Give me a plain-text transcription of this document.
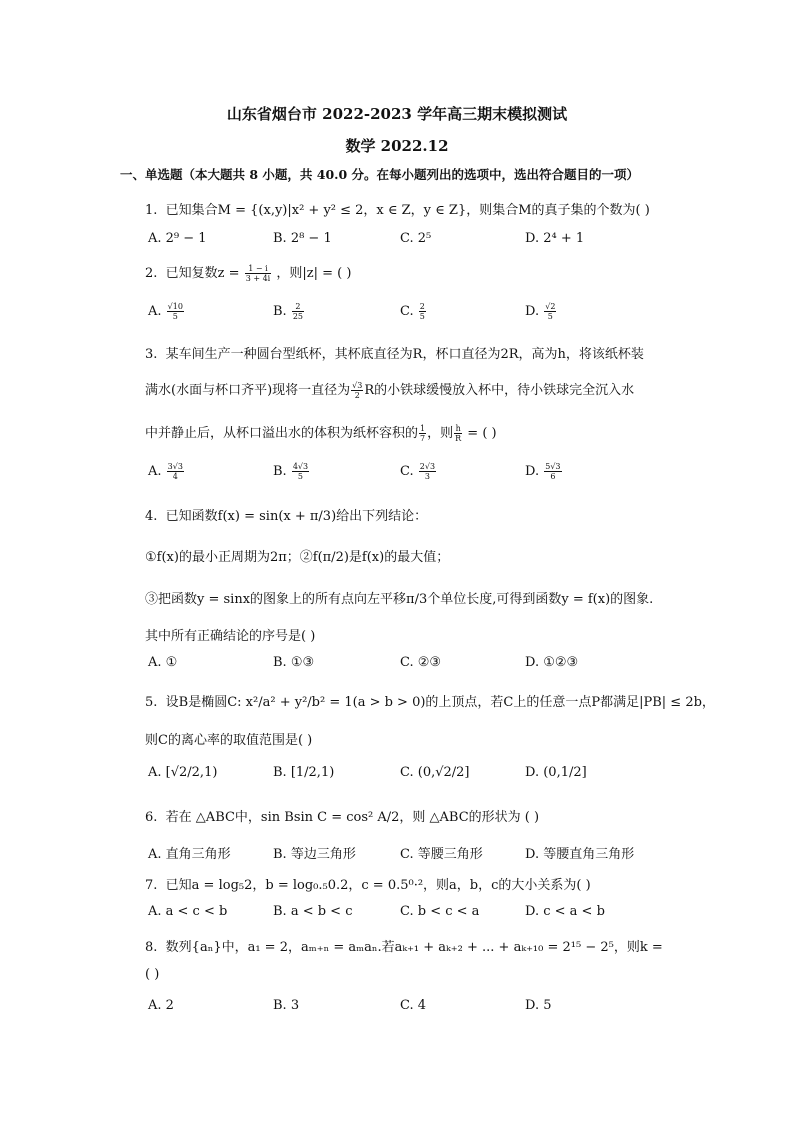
山东省烟台市 2022-2023 学年高三期末模拟测试
数学 2022.12
一、单选题（本大题共 8 小题，共 40.0 分。在每小题列出的选项中，选出符合题目的一项）
1. 已知集合M = {(x,y)|x² + y² ≤ 2，x ∈ Z，y ∈ Z}，则集合M的真子集的个数为( )
A. 2⁹ − 1	B. 2⁸ − 1	C. 2⁵	D. 2⁴ + 1
2. 已知复数$z = \frac{1 - i}{3 + 4i}$ ，则|z| = ( )
A. $\frac{√10}{5}$	B. $\frac{2}{25}$	C. $\frac{2}{5}$	D. $\frac{√2}{5}$
3. 某车间生产一种圆台型纸杯，其杯底直径为R，杯口直径为2R，高为h，将该纸杯装
满水(水面与杯口齐平)现将一直径为 $\frac{√3}{2}$ R的小铁球缓慢放入杯中，待小铁球完全沉入水
中并静止后，从杯口溢出水的体积为纸杯容积的 $\frac{1}{7}$ ，则 $\frac{h}{R}$ = ( )
A. $\frac{3√3}{4}$	B. $\frac{4√3}{5}$	C. $\frac{2√3}{3}$	D. $\frac{5√3}{6}$
4. 已知函数f(x) = sin(x + π/3)给出下列结论：
①f(x)的最小正周期为2π；②f(π/2)是f(x)的最大值；
③把函数y = sinx的图象上的所有点向左平移π/3个单位长度,可得到函数y = f(x)的图象.
其中所有正确结论的序号是( )
A. ①	B. ①③	C. ②③	D. ①②③
5. 设B是椭圆C: x²/a² + y²/b² = 1(a > b > 0)的上顶点，若C上的任意一点P都满足|PB| ≤ 2b，
则C的离心率的取值范围是( )
A. [√2/2,1)	B. [1/2,1)	C. (0,√2/2]	D. (0,1/2]
6. 若在 △ABC中，sin Bsin C = cos² A/2，则 △ABC的形状为 ( )
A. 直角三角形	B. 等边三角形	C. 等腰三角形	D. 等腰直角三角形
7. 已知a = log₅2，b = log₀.₅0.2，c = 0.5⁰·²，则a，b，c的大小关系为( )
A. a < c < b	B. a < b < c	C. b < c < a	D. c < a < b
8. 数列{aₙ}中，a₁ = 2，aₘ₊ₙ = aₘaₙ.若aₖ₊₁ + aₖ₊₂ + ... + aₖ₊₁₀ = 2¹⁵ − 2⁵，则k =
( )
A. 2	B. 3	C. 4	D. 5
